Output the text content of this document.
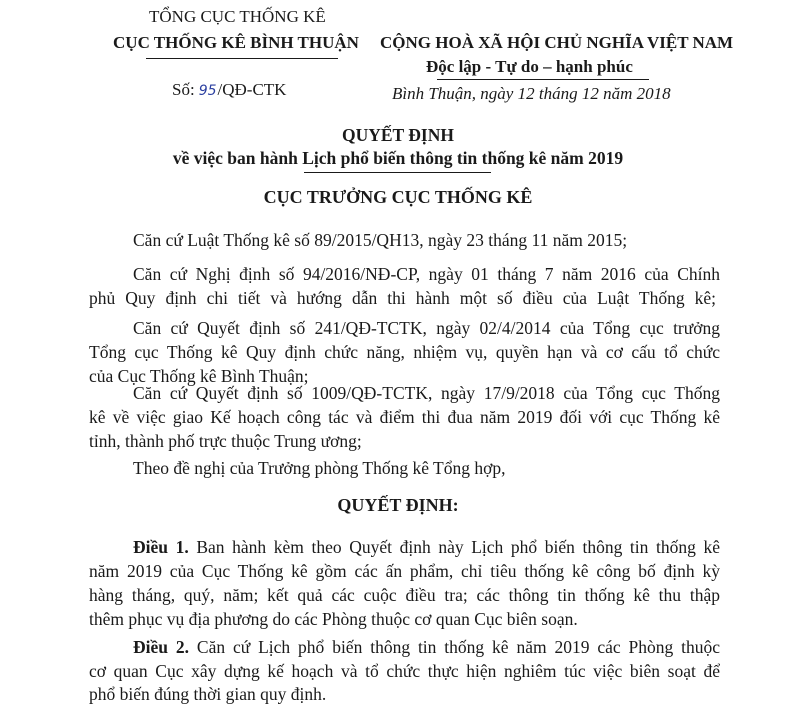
TỔNG CỤC THỐNG KÊ
CỤC THỐNG KÊ BÌNH THUẬN
Số: 95/QĐ-CTK
CỘNG HOÀ XÃ HỘI CHỦ NGHĨA VIỆT NAM
Độc lập - Tự do – hạnh phúc
Bình Thuận, ngày 12 tháng 12 năm 2018
QUYẾT ĐỊNH
về việc ban hành Lịch phổ biến thông tin thống kê năm 2019
CỤC TRƯỞNG CỤC THỐNG KÊ
Căn cứ Luật Thống kê số 89/2015/QH13, ngày 23 tháng 11 năm 2015;
Căn cứ Nghị định số 94/2016/NĐ-CP, ngày 01 tháng 7 năm 2016 của Chính
phủ Quy định chi tiết và hướng dẫn thi hành một số điều của Luật Thống kê;
Căn cứ Quyết định số 241/QĐ-TCTK, ngày 02/4/2014 của Tổng cục trưởng
Tổng cục Thống kê Quy định chức năng, nhiệm vụ, quyền hạn và cơ cấu tổ chức
của Cục Thống kê Bình Thuận;
Căn cứ Quyết định số 1009/QĐ-TCTK, ngày 17/9/2018 của Tổng cục Thống
kê về việc giao Kế hoạch công tác và điểm thi đua năm 2019 đối với cục Thống kê
tỉnh, thành phố trực thuộc Trung ương;
Theo đề nghị của Trưởng phòng Thống kê Tổng hợp,
QUYẾT ĐỊNH:
Điều 1. Ban hành kèm theo Quyết định này Lịch phổ biến thông tin thống kê
năm 2019 của Cục Thống kê gồm các ấn phẩm, chỉ tiêu thống kê công bố định kỳ
hàng tháng, quý, năm; kết quả các cuộc điều tra; các thông tin thống kê thu thập
thêm phục vụ địa phương do các Phòng thuộc cơ quan Cục biên soạn.
Điều 2. Căn cứ Lịch phổ biến thông tin thống kê năm 2019 các Phòng thuộc
cơ quan Cục xây dựng kế hoạch và tổ chức thực hiện nghiêm túc việc biên soạt để
phổ biến đúng thời gian quy định.
